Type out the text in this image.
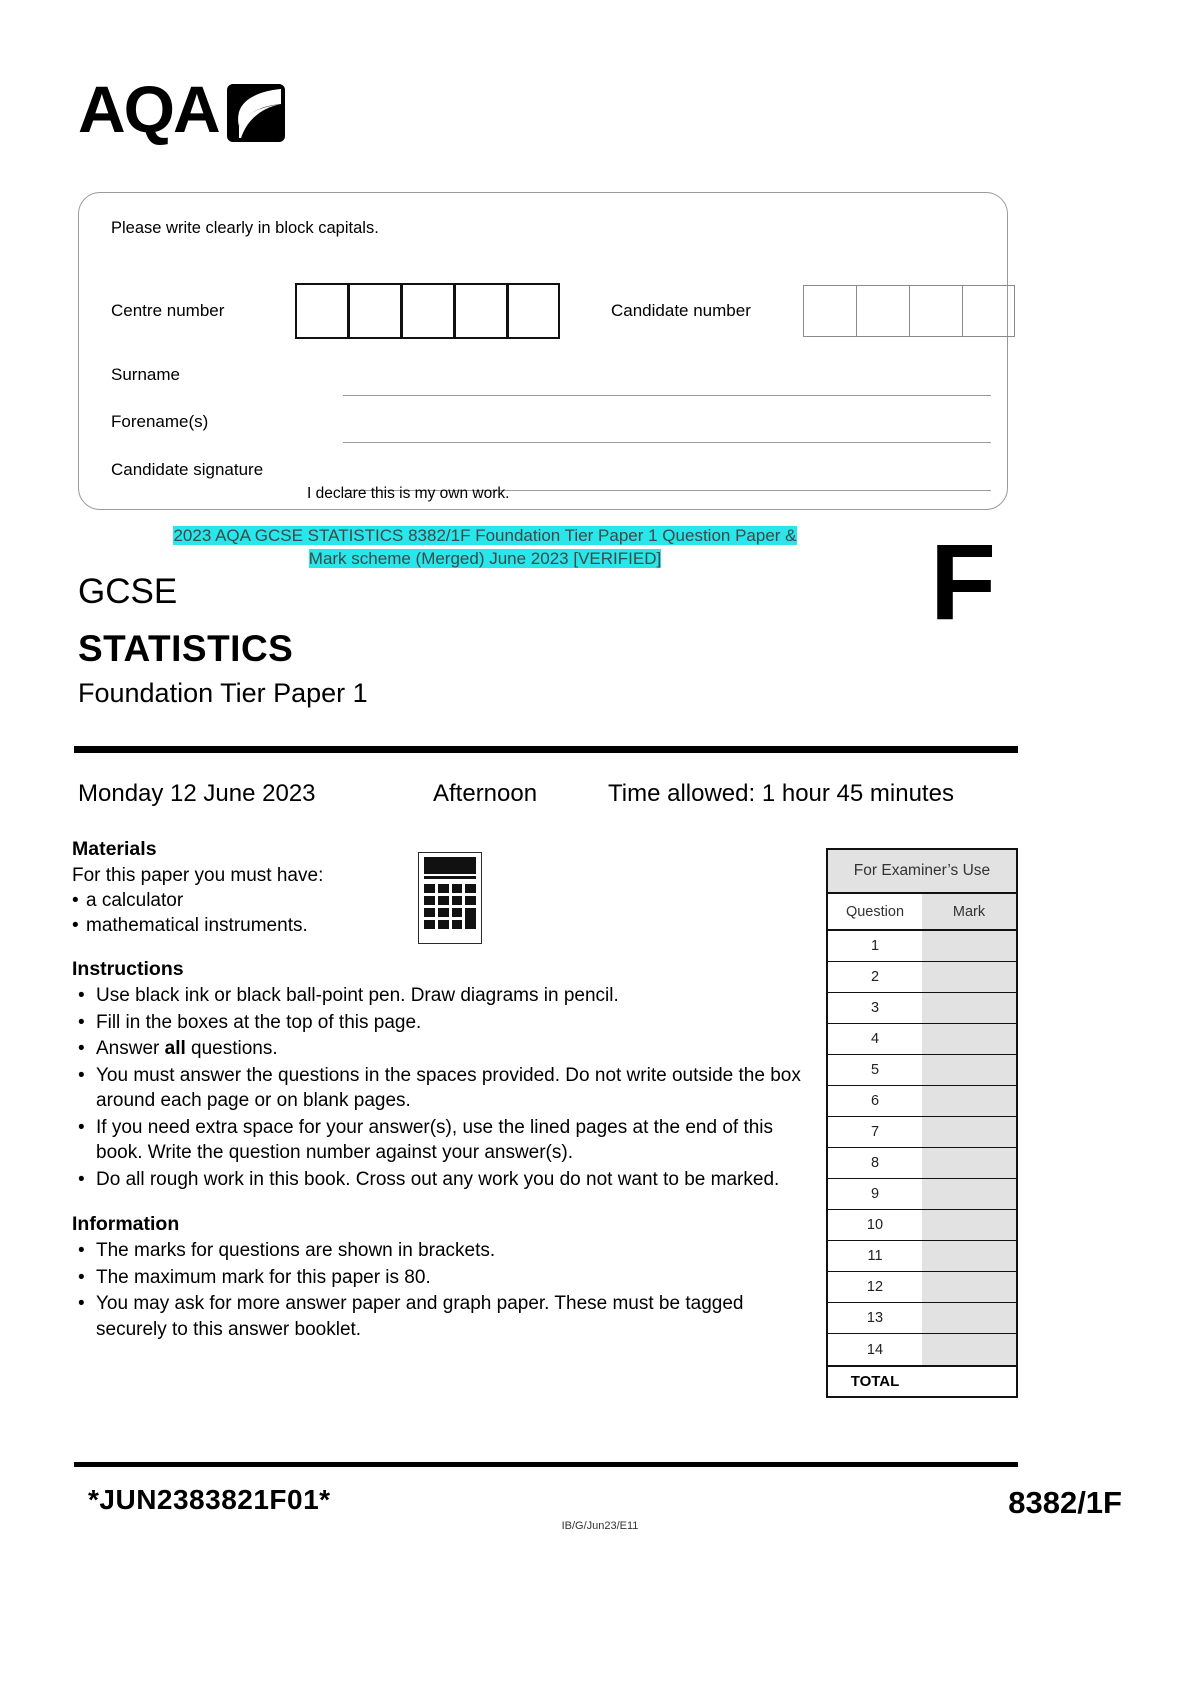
AQA
Please write clearly in block capitals.
Centre number	Candidate number
Surname
Forename(s)
Candidate signature
I declare this is my own work.
2023 AQA GCSE STATISTICS 8382/1F Foundation Tier Paper 1 Question Paper &
Mark scheme (Merged) June 2023 [VERIFIED]
GCSE
STATISTICS
Foundation Tier Paper 1
F
Monday 12 June 2023	Afternoon	Time allowed: 1 hour 45 minutes
Materials
For this paper you must have:
• a calculator
• mathematical instruments.
Instructions
• Use black ink or black ball-point pen. Draw diagrams in pencil.
• Fill in the boxes at the top of this page.
• Answer all questions.
• You must answer the questions in the spaces provided. Do not write outside the box around each page or on blank pages.
• If you need extra space for your answer(s), use the lined pages at the end of this book. Write the question number against your answer(s).
• Do all rough work in this book. Cross out any work you do not want to be marked.
Information
• The marks for questions are shown in brackets.
• The maximum mark for this paper is 80.
• You may ask for more answer paper and graph paper. These must be tagged securely to this answer booklet.
For Examiner’s Use
Question	Mark
1
2
3
4
5
6
7
8
9
10
11
12
13
14
TOTAL
*JUN2383821F01*
IB/G/Jun23/E11
8382/1F
